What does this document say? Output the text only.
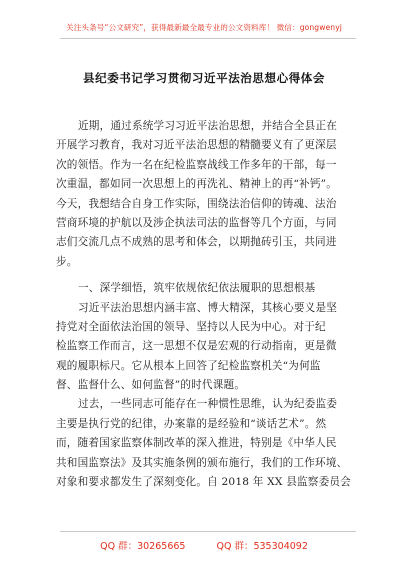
关注头条号“公文研究”，获得最新最全最专业的公文资料库！ 微信：gongwenyj
县纪委书记学习贯彻习近平法治思想心得体会
近期，通过系统学习习近平法治思想，并结合全县正在
开展学习教育，我对习近平法治思想的精髓要义有了更深层
次的领悟。作为一名在纪检监察战线工作多年的干部，每一
次重温，都如同一次思想上的再洗礼、精神上的再“补钙”。
今天，我想结合自身工作实际，围绕法治信仰的铸魂、法治
营商环境的护航以及涉企执法司法的监督等几个方面，与同
志们交流几点不成熟的思考和体会，以期抛砖引玉，共同进
步。
一、深学细悟，筑牢依规依纪依法履职的思想根基
习近平法治思想内涵丰富、博大精深，其核心要义是坚
持党对全面依法治国的领导、坚持以人民为中心。对于纪
检监察工作而言，这一思想不仅是宏观的行动指南，更是微
观的履职标尺。它从根本上回答了纪检监察机关“为何监
督、监督什么、如何监督”的时代课题。
过去，一些同志可能存在一种惯性思维，认为纪委监委
主要是执行党的纪律，办案靠的是经验和“谈话艺术”。然
而，随着国家监察体制改革的深入推进，特别是《中华人民
共和国监察法》及其实施条例的颁布施行，我们的工作环境、
对象和要求都发生了深刻变化。自 2018 年 XX 县监察委员会
QQ 群：30265665	QQ 群：535304092
